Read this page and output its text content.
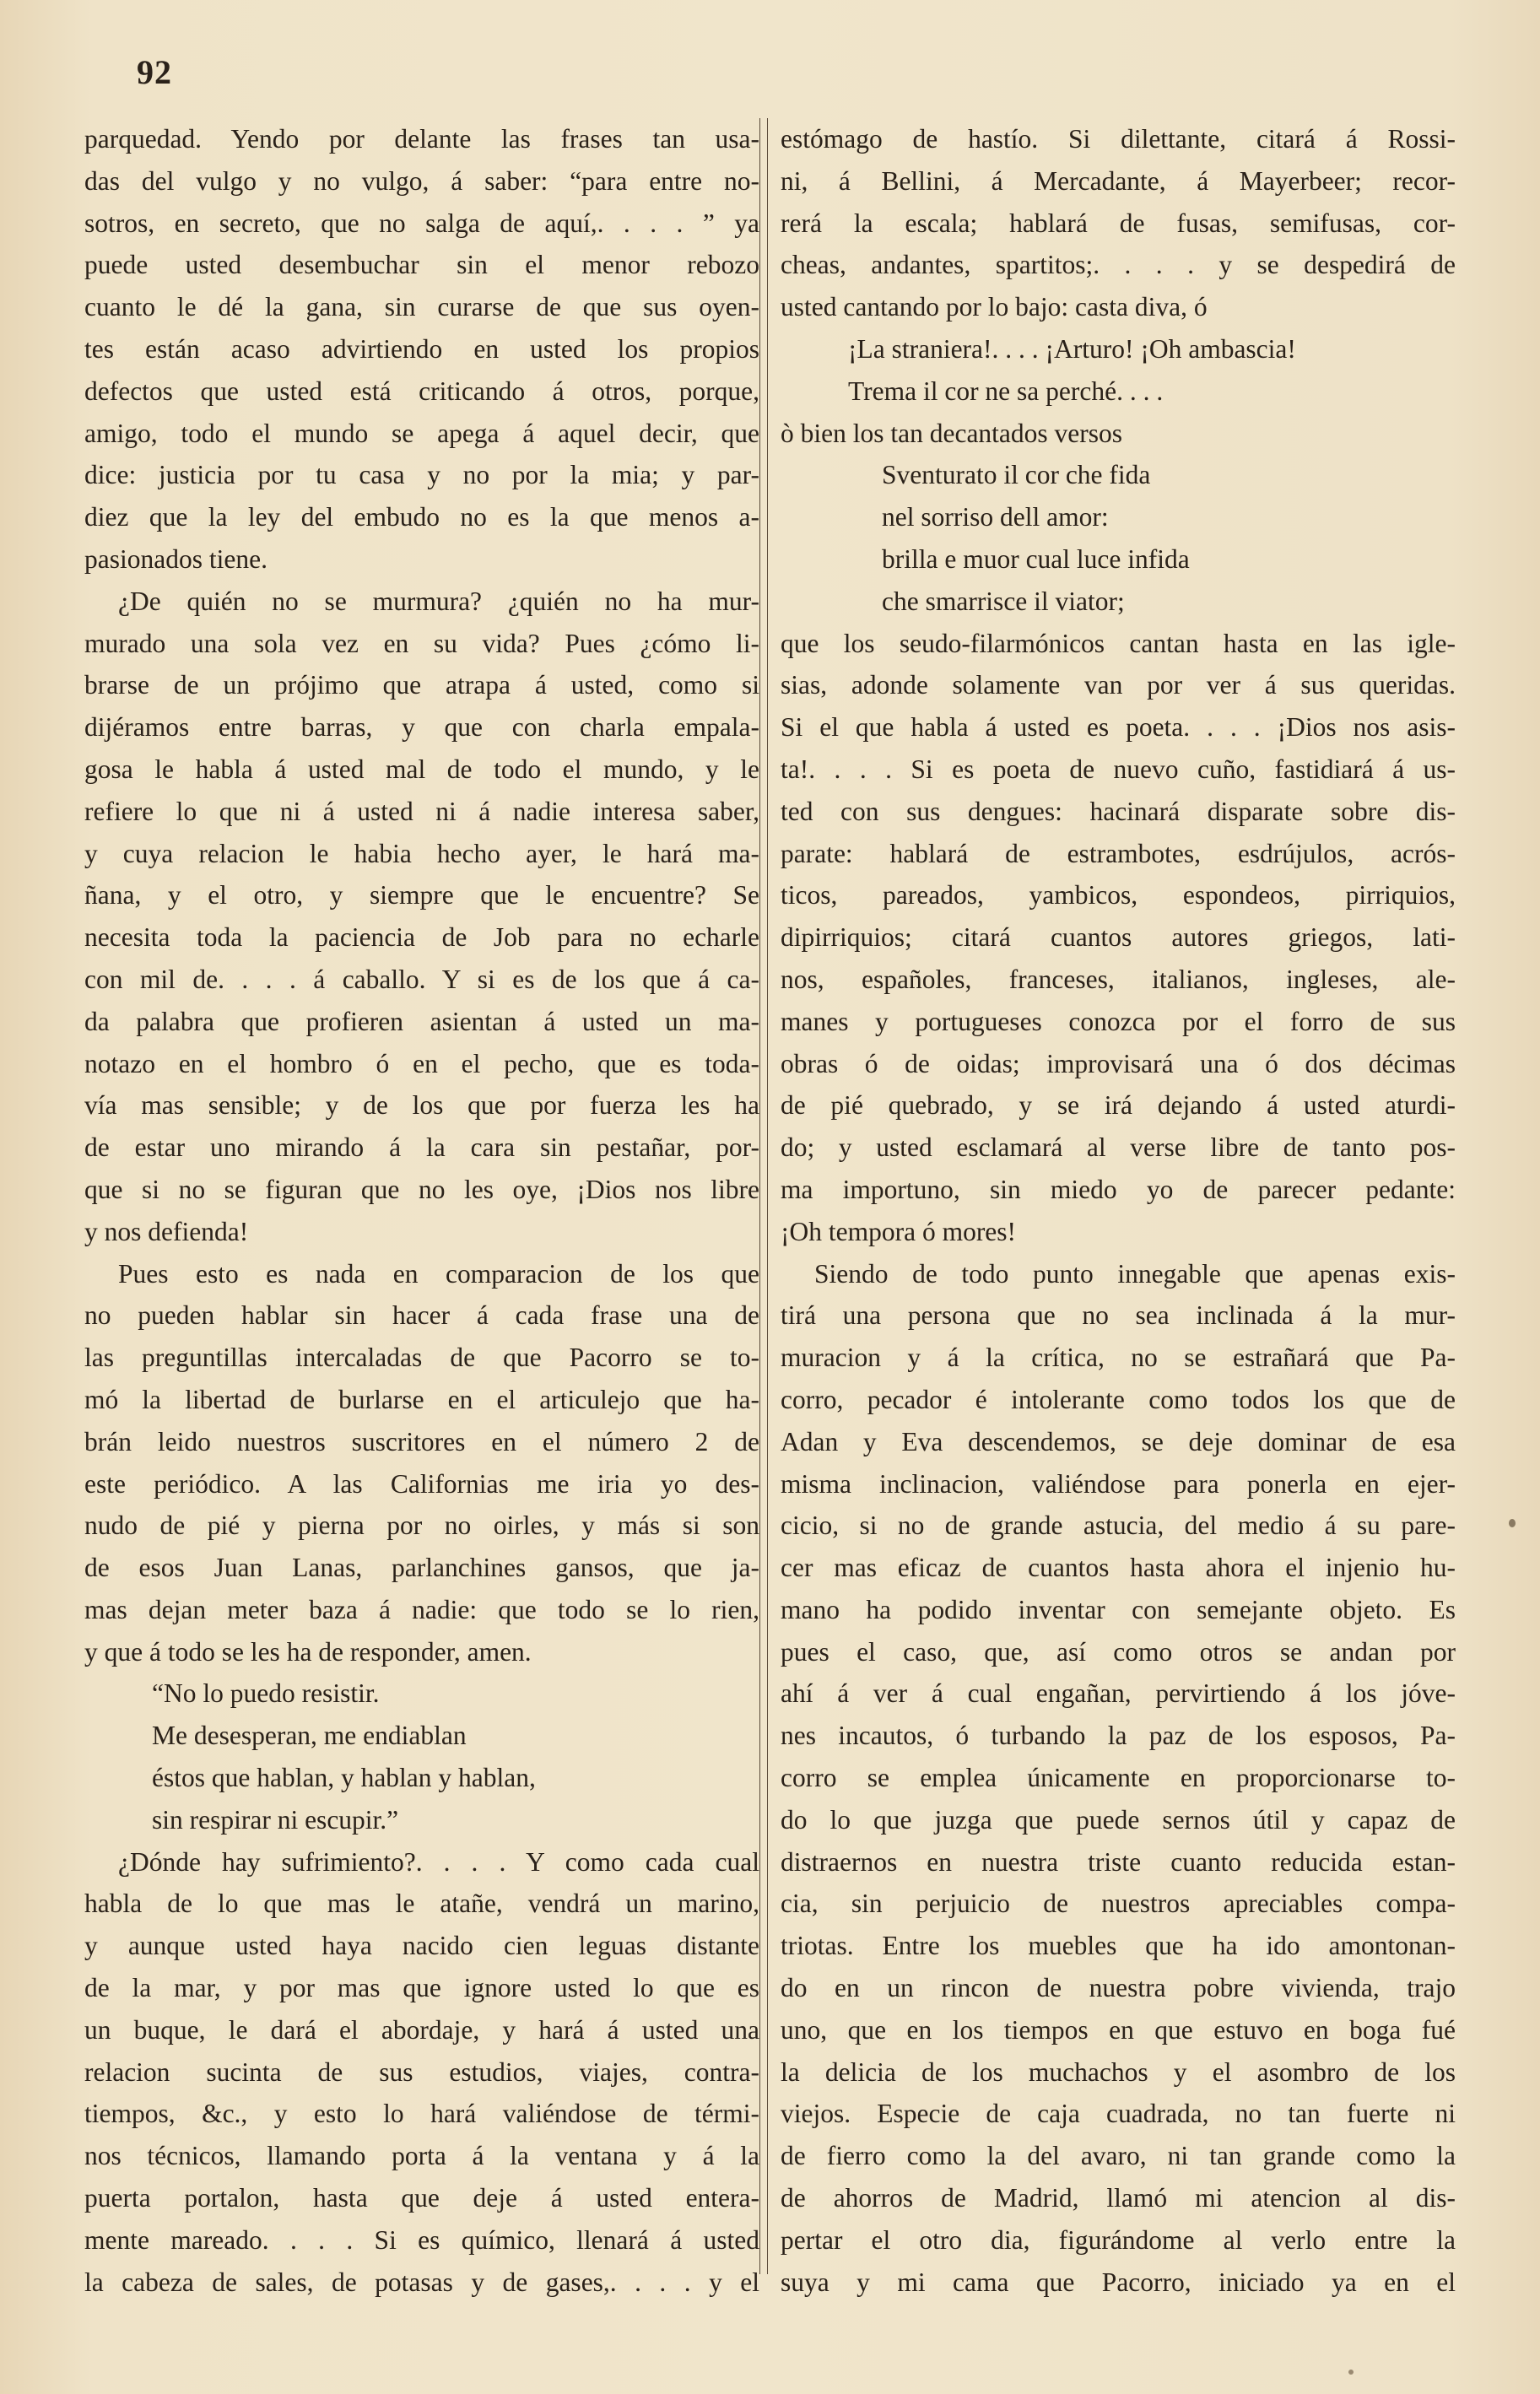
92
parquedad. Yendo por delante las frases tan usa-
das del vulgo y no vulgo, á saber: “para entre no-
sotros, en secreto, que no salga de aquí,. . . . ” ya
puede usted desembuchar sin el menor rebozo
cuanto le dé la gana, sin curarse de que sus oyen-
tes están acaso advirtiendo en usted los propios
defectos que usted está criticando á otros, porque,
amigo, todo el mundo se apega á aquel decir, que
dice: justicia por tu casa y no por la mia; y par-
diez que la ley del embudo no es la que menos a-
pasionados tiene.
¿De quién no se murmura? ¿quién no ha mur-
murado una sola vez en su vida? Pues ¿cómo li-
brarse de un prójimo que atrapa á usted, como si
dijéramos entre barras, y que con charla empala-
gosa le habla á usted mal de todo el mundo, y le
refiere lo que ni á usted ni á nadie interesa saber,
y cuya relacion le habia hecho ayer, le hará ma-
ñana, y el otro, y siempre que le encuentre? Se
necesita toda la paciencia de Job para no echarle
con mil de. . . . á caballo. Y si es de los que á ca-
da palabra que profieren asientan á usted un ma-
notazo en el hombro ó en el pecho, que es toda-
vía mas sensible; y de los que por fuerza les ha
de estar uno mirando á la cara sin pestañar, por-
que si no se figuran que no les oye, ¡Dios nos libre
y nos defienda!
Pues esto es nada en comparacion de los que
no pueden hablar sin hacer á cada frase una de
las preguntillas intercaladas de que Pacorro se to-
mó la libertad de burlarse en el articulejo que ha-
brán leido nuestros suscritores en el número 2 de
este periódico. A las Californias me iria yo des-
nudo de pié y pierna por no oirles, y más si son
de esos Juan Lanas, parlanchines gansos, que ja-
mas dejan meter baza á nadie: que todo se lo rien,
y que á todo se les ha de responder, amen.
“No lo puedo resistir.
Me desesperan, me endiablan
éstos que hablan, y hablan y hablan,
sin respirar ni escupir.”
¿Dónde hay sufrimiento?. . . . Y como cada cual
habla de lo que mas le atañe, vendrá un marino,
y aunque usted haya nacido cien leguas distante
de la mar, y por mas que ignore usted lo que es
un buque, le dará el abordaje, y hará á usted una
relacion sucinta de sus estudios, viajes, contra-
tiempos, &c., y esto lo hará valiéndose de térmi-
nos técnicos, llamando porta á la ventana y á la
puerta portalon, hasta que deje á usted entera-
mente mareado. . . . Si es químico, llenará á usted
la cabeza de sales, de potasas y de gases,. . . . y el
estómago de hastío. Si dilettante, citará á Rossi-
ni, á Bellini, á Mercadante, á Mayerbeer; recor-
rerá la escala; hablará de fusas, semifusas, cor-
cheas, andantes, spartitos;. . . . y se despedirá de
usted cantando por lo bajo: casta diva, ó
¡La straniera!. . . . ¡Arturo! ¡Oh ambascia!
Trema il cor ne sa perché. . . .
ò bien los tan decantados versos
Sventurato il cor che fida
nel sorriso dell amor:
brilla e muor cual luce infida
che smarrisce il viator;
que los seudo-filarmónicos cantan hasta en las igle-
sias, adonde solamente van por ver á sus queridas.
Si el que habla á usted es poeta. . . . ¡Dios nos asis-
ta!. . . . Si es poeta de nuevo cuño, fastidiará á us-
ted con sus dengues: hacinará disparate sobre dis-
parate: hablará de estrambotes, esdrújulos, acrós-
ticos, pareados, yambicos, espondeos, pirriquios,
dipirriquios; citará cuantos autores griegos, lati-
nos, españoles, franceses, italianos, ingleses, ale-
manes y portugueses conozca por el forro de sus
obras ó de oidas; improvisará una ó dos décimas
de pié quebrado, y se irá dejando á usted aturdi-
do; y usted esclamará al verse libre de tanto pos-
ma importuno, sin miedo yo de parecer pedante:
¡Oh tempora ó mores!
Siendo de todo punto innegable que apenas exis-
tirá una persona que no sea inclinada á la mur-
muracion y á la crítica, no se estrañará que Pa-
corro, pecador é intolerante como todos los que de
Adan y Eva descendemos, se deje dominar de esa
misma inclinacion, valiéndose para ponerla en ejer-
cicio, si no de grande astucia, del medio á su pare-
cer mas eficaz de cuantos hasta ahora el injenio hu-
mano ha podido inventar con semejante objeto. Es
pues el caso, que, así como otros se andan por
ahí á ver á cual engañan, pervirtiendo á los jóve-
nes incautos, ó turbando la paz de los esposos, Pa-
corro se emplea únicamente en proporcionarse to-
do lo que juzga que puede sernos útil y capaz de
distraernos en nuestra triste cuanto reducida estan-
cia, sin perjuicio de nuestros apreciables compa-
triotas. Entre los muebles que ha ido amontonan-
do en un rincon de nuestra pobre vivienda, trajo
uno, que en los tiempos en que estuvo en boga fué
la delicia de los muchachos y el asombro de los
viejos. Especie de caja cuadrada, no tan fuerte ni
de fierro como la del avaro, ni tan grande como la
de ahorros de Madrid, llamó mi atencion al dis-
pertar el otro dia, figurándome al verlo entre la
suya y mi cama que Pacorro, iniciado ya en el
